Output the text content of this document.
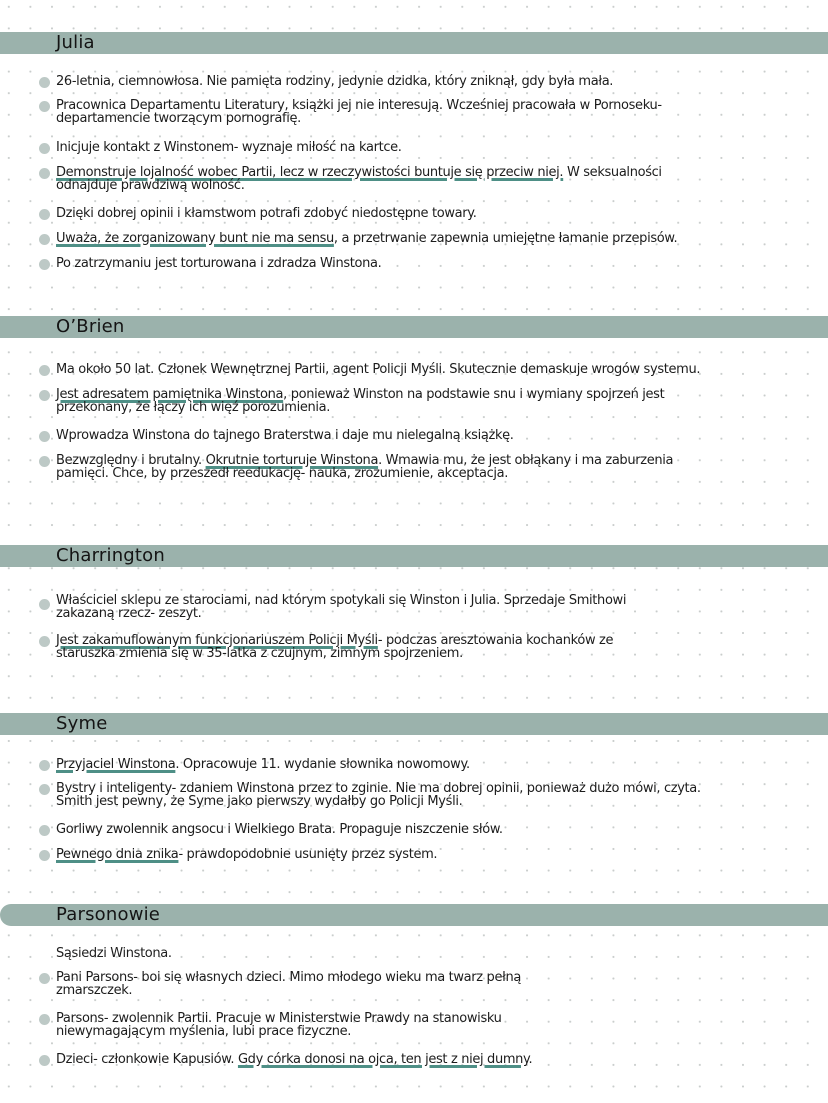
Julia
26-letnia, ciemnowłosa. Nie pamięta rodziny, jedynie dzidka, który zniknął, gdy była mała.
Pracownica Departamentu Literatury, książki jej nie interesują. Wcześniej pracowała w Pornoseku-
departamencie tworzącym pornografię.
Inicjuje kontakt z Winstonem- wyznaje miłość na kartce.
Demonstruje lojalność wobec Partii, lecz w rzeczywistości buntuje się przeciw niej. W seksualności
odnajduje prawdziwą wolność.
Dzięki dobrej opinii i kłamstwom potrafi zdobyć niedostępne towary.
Uważa, że zorganizowany bunt nie ma sensu, a przetrwanie zapewnia umiejętne łamanie przepisów.
Po zatrzymaniu jest torturowana i zdradza Winstona.
O’Brien
Ma około 50 lat. Członek Wewnętrznej Partii, agent Policji Myśli. Skutecznie demaskuje wrogów systemu.
Jest adresatem pamiętnika Winstona, ponieważ Winston na podstawie snu i wymiany spojrzeń jest
przekonany, że łączy ich więź porozumienia.
Wprowadza Winstona do tajnego Braterstwa i daje mu nielegalną książkę.
Bezwzględny i brutalny. Okrutnie torturuje Winstona. Wmawia mu, że jest obłąkany i ma zaburzenia
pamięci. Chce, by przeszedł reedukację- nauka, zrozumienie, akceptacja.
Charrington
Właściciel sklepu ze starociami, nad którym spotykali się Winston i Julia. Sprzedaje Smithowi
zakazaną rzecz- zeszyt.
Jest zakamuflowanym funkcjonariuszem Policji Myśli- podczas aresztowania kochanków ze
staruszka zmienia się w 35-latka z czujnym, zimnym spojrzeniem.
Syme
Przyjaciel Winstona. Opracowuje 11. wydanie słownika nowomowy.
Bystry i inteligenty- zdaniem Winstona przez to zginie. Nie ma dobrej opinii, ponieważ dużo mówi, czyta.
Smith jest pewny, że Syme jako pierwszy wydałby go Policji Myśli.
Gorliwy zwolennik angsocu i Wielkiego Brata. Propaguje niszczenie słów.
Pewnego dnia znika- prawdopodobnie usunięty przez system.
Parsonowie
Sąsiedzi Winstona.
Pani Parsons- boi się własnych dzieci. Mimo młodego wieku ma twarz pełną
zmarszczek.
Parsons- zwolennik Partii. Pracuje w Ministerstwie Prawdy na stanowisku
niewymagającym myślenia, lubi prace fizyczne.
Dzieci- członkowie Kapusiów. Gdy córka donosi na ojca, ten jest z niej dumny.
